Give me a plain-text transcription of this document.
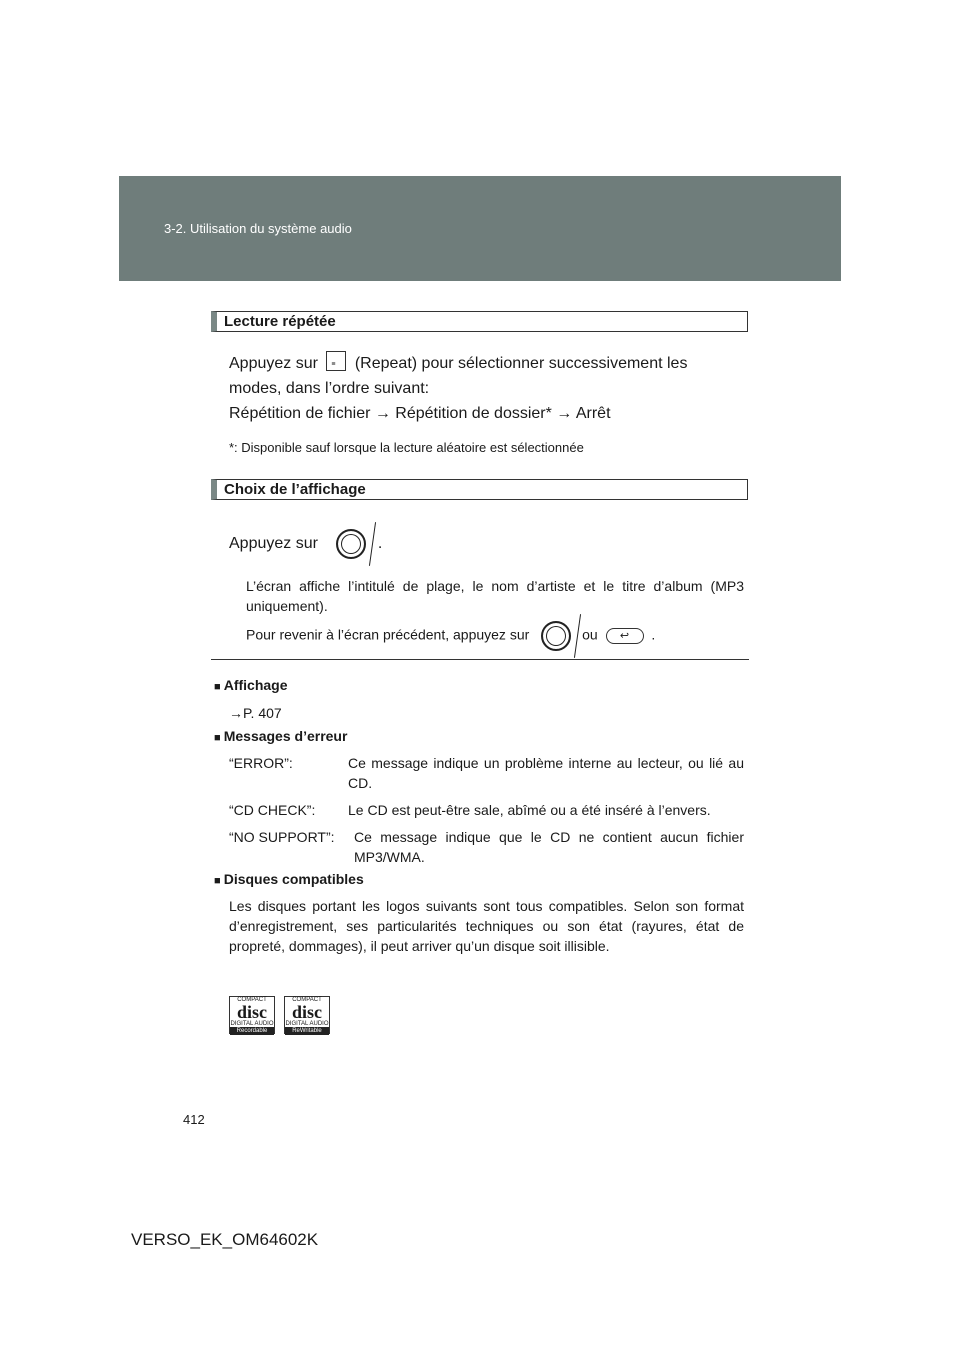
3-2. Utilisation du système audio
Lecture répétée
Appuyez sur ≡ (Repeat) pour sélectionner successivement les
modes, dans l’ordre suivant:
Répétition de fichier → Répétition de dossier* → Arrêt
*: Disponible sauf lorsque la lecture aléatoire est sélectionnée
Choix de l’affichage
Appuyez sur	.
L’écran affiche l’intitulé de plage, le nom d’artiste et le titre d’album (MP3 uniquement).
Pour revenir à l’écran précédent, appuyez sur	ou ↩ .
■ Affichage
→P. 407
■ Messages d’erreur
“ERROR”:	Ce message indique un problème interne au lecteur, ou lié au CD.
“CD CHECK”: Le CD est peut-être sale, abîmé ou a été inséré à l’envers.
“NO SUPPORT”: Ce message indique que le CD ne contient aucun fichier MP3/WMA.
■ Disques compatibles
Les disques portant les logos suivants sont tous compatibles. Selon son format d’enregistrement, ses particularités techniques ou son état (rayures, état de propreté, dommages), il peut arriver qu’un disque soit illisible.
COMPACT
disc
DIGITAL AUDIO
Recordable
COMPACT
disc
DIGITAL AUDIO
ReWritable
412
VERSO_EK_OM64602K
